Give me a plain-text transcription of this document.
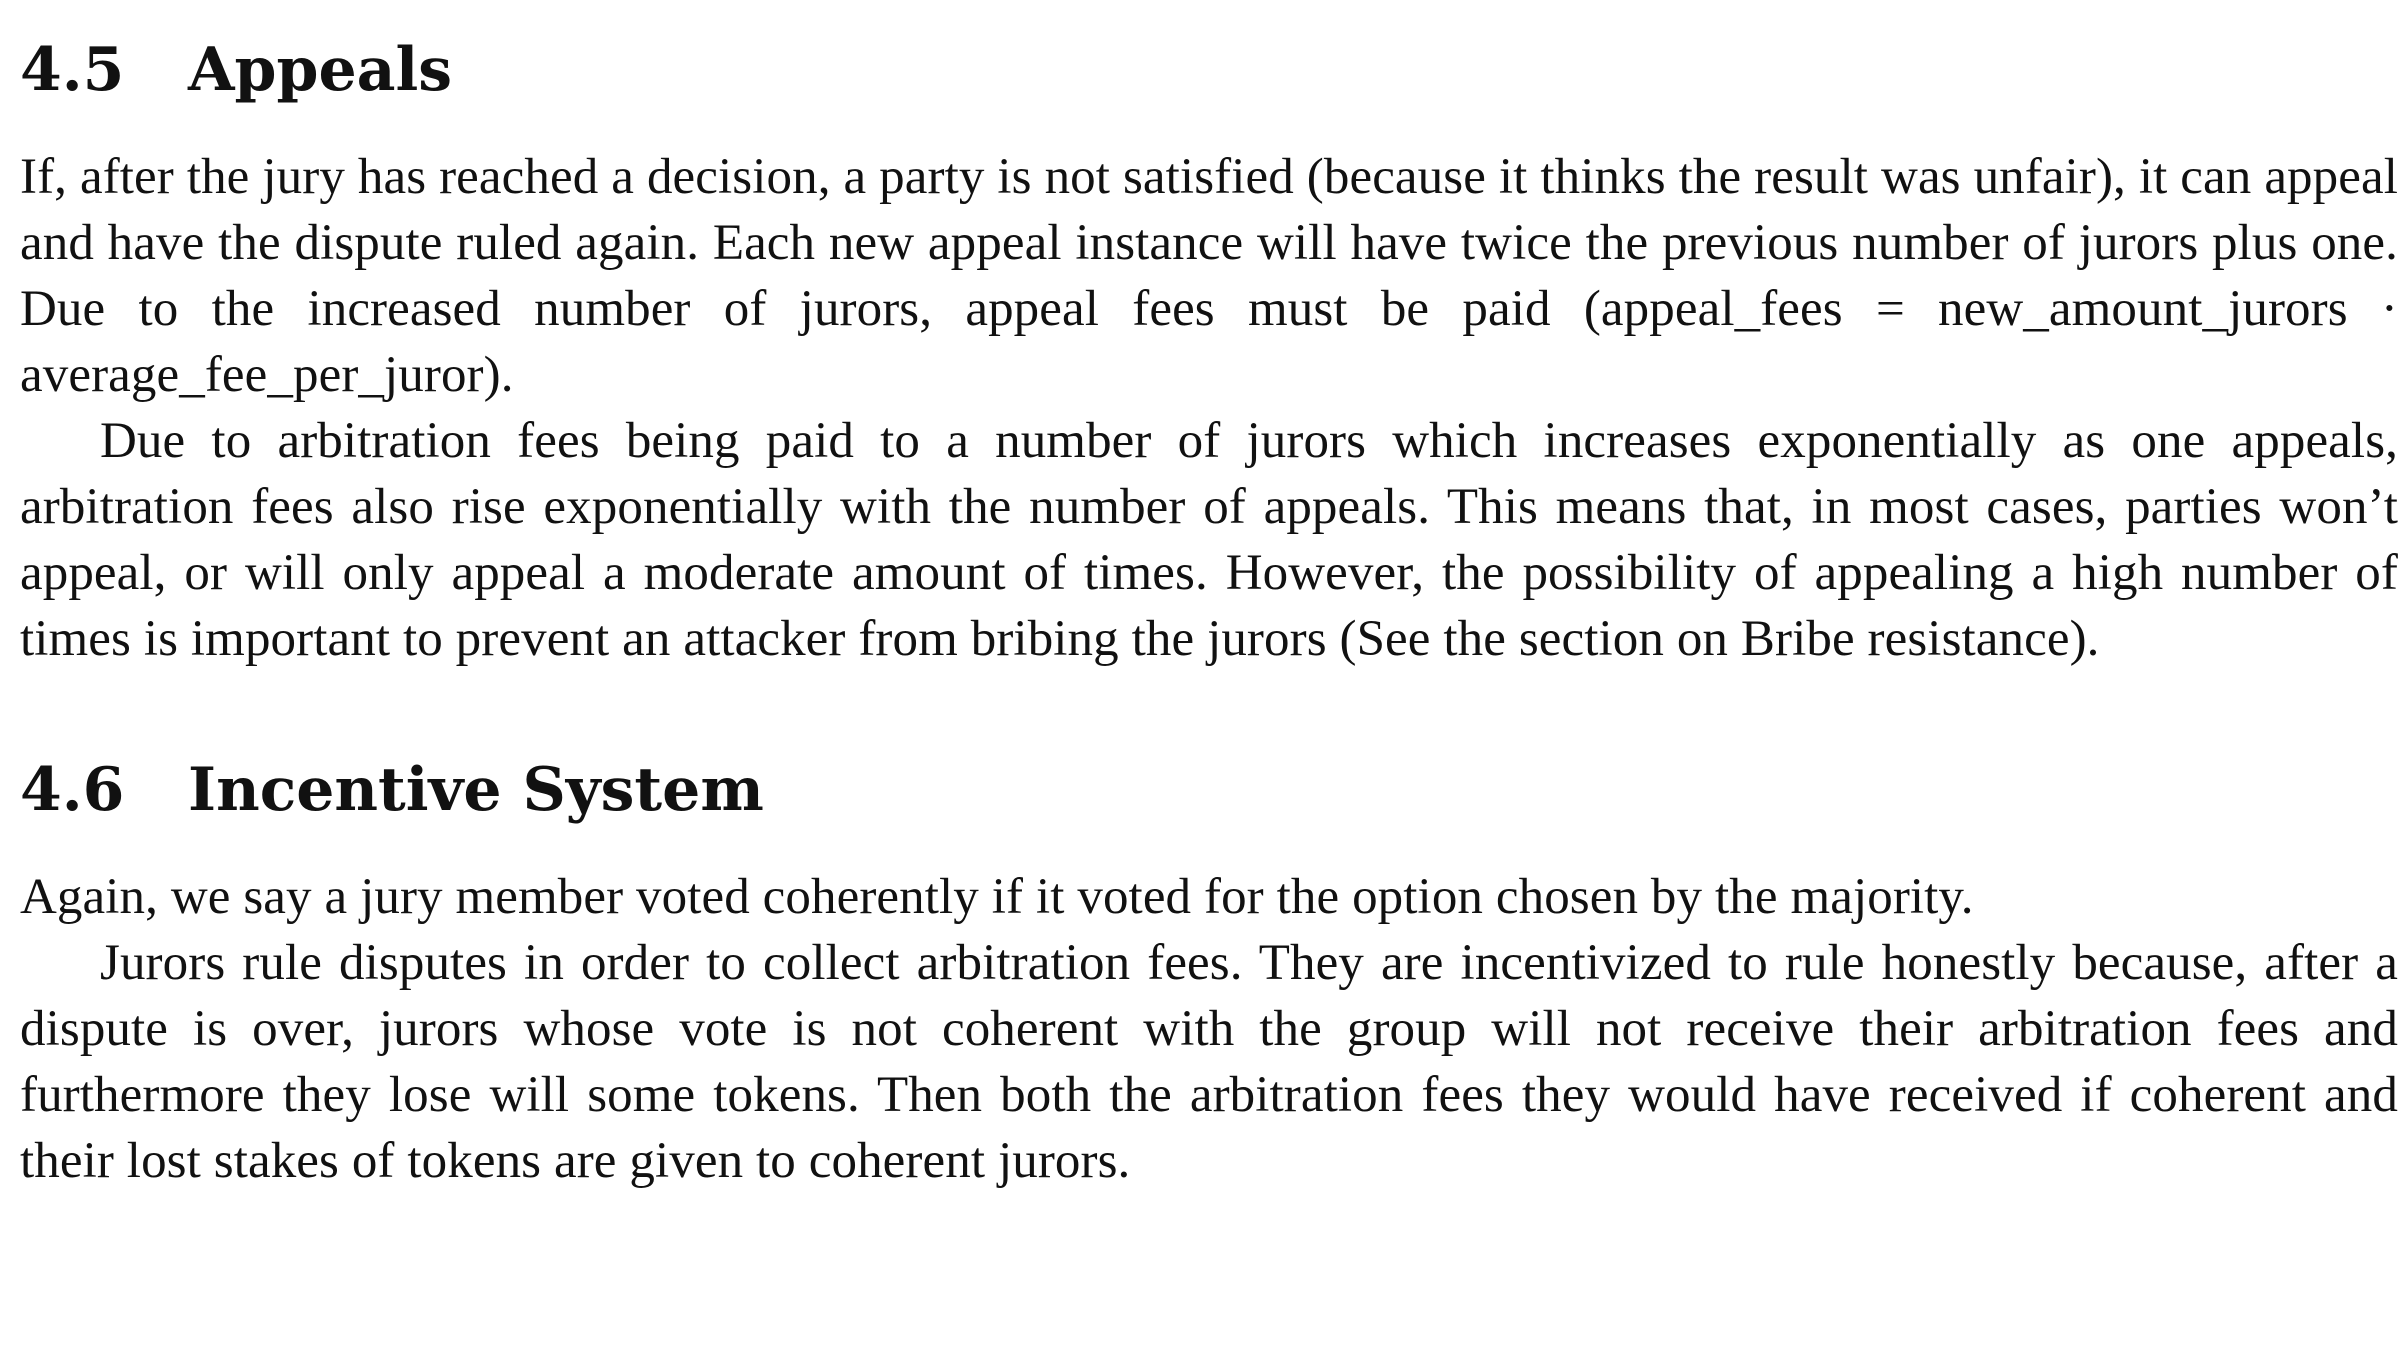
4.5	Appeals

If, after the jury has reached a decision, a party is not satisfied (because it thinks the result was unfair), it can appeal and have the dispute ruled again. Each new appeal instance will have twice the previous number of jurors plus one. Due to the increased number of jurors, appeal fees must be paid (appeal_fees = new_amount_jurors · average_fee_per_juror).

Due to arbitration fees being paid to a number of jurors which increases exponentially as one appeals, arbitration fees also rise exponentially with the number of appeals. This means that, in most cases, parties won’t appeal, or will only appeal a moderate amount of times. However, the possibility of appealing a high number of times is important to prevent an attacker from bribing the jurors (See the section on Bribe resistance).

4.6	Incentive System

Again, we say a jury member voted coherently if it voted for the option chosen by the majority.

Jurors rule disputes in order to collect arbitration fees. They are incentivized to rule honestly because, after a dispute is over, jurors whose vote is not coherent with the group will not receive their arbitration fees and furthermore they lose will some tokens. Then both the arbitration fees they would have received if coherent and their lost stakes of tokens are given to coherent jurors.
